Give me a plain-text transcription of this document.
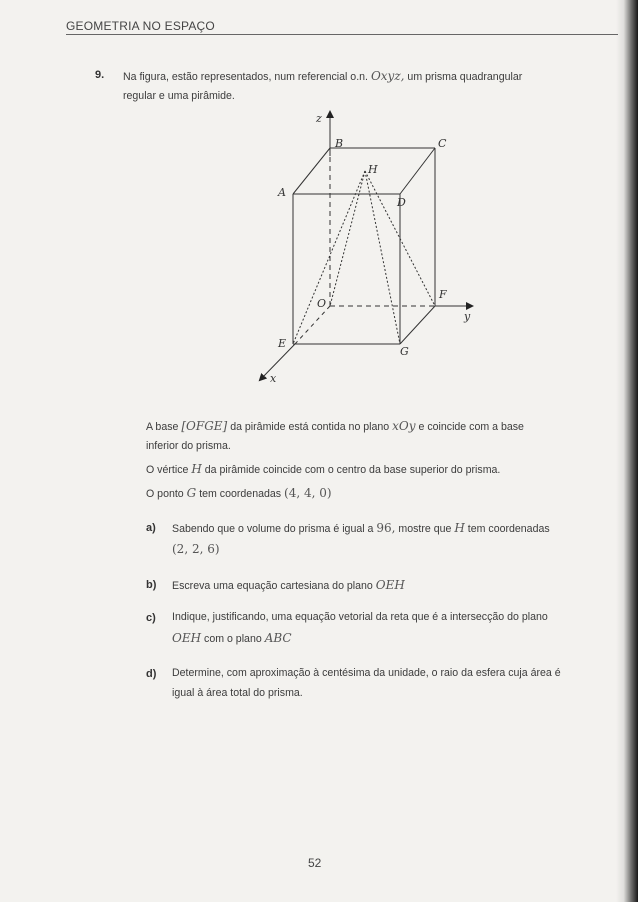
GEOMETRIA NO ESPAÇO
9. Na figura, estão representados, num referencial o.n. Oxyz, um prisma quadrangular
regular e uma pirâmide.
z
B	C
H
A
D
O
F
y
E
G
x
A base [OFGE] da pirâmide está contida no plano xOy e coincide com a base
inferior do prisma.
O vértice H da pirâmide coincide com o centro da base superior do prisma.
O ponto G tem coordenadas (4, 4, 0)
a) Sabendo que o volume do prisma é igual a 96, mostre que H tem coordenadas
(2, 2, 6)
b) Escreva uma equação cartesiana do plano OEH
c) Indique, justificando, uma equação vetorial da reta que é a intersecção do plano
OEH com o plano ABC
d) Determine, com aproximação à centésima da unidade, o raio da esfera cuja área é
igual à área total do prisma.
52
